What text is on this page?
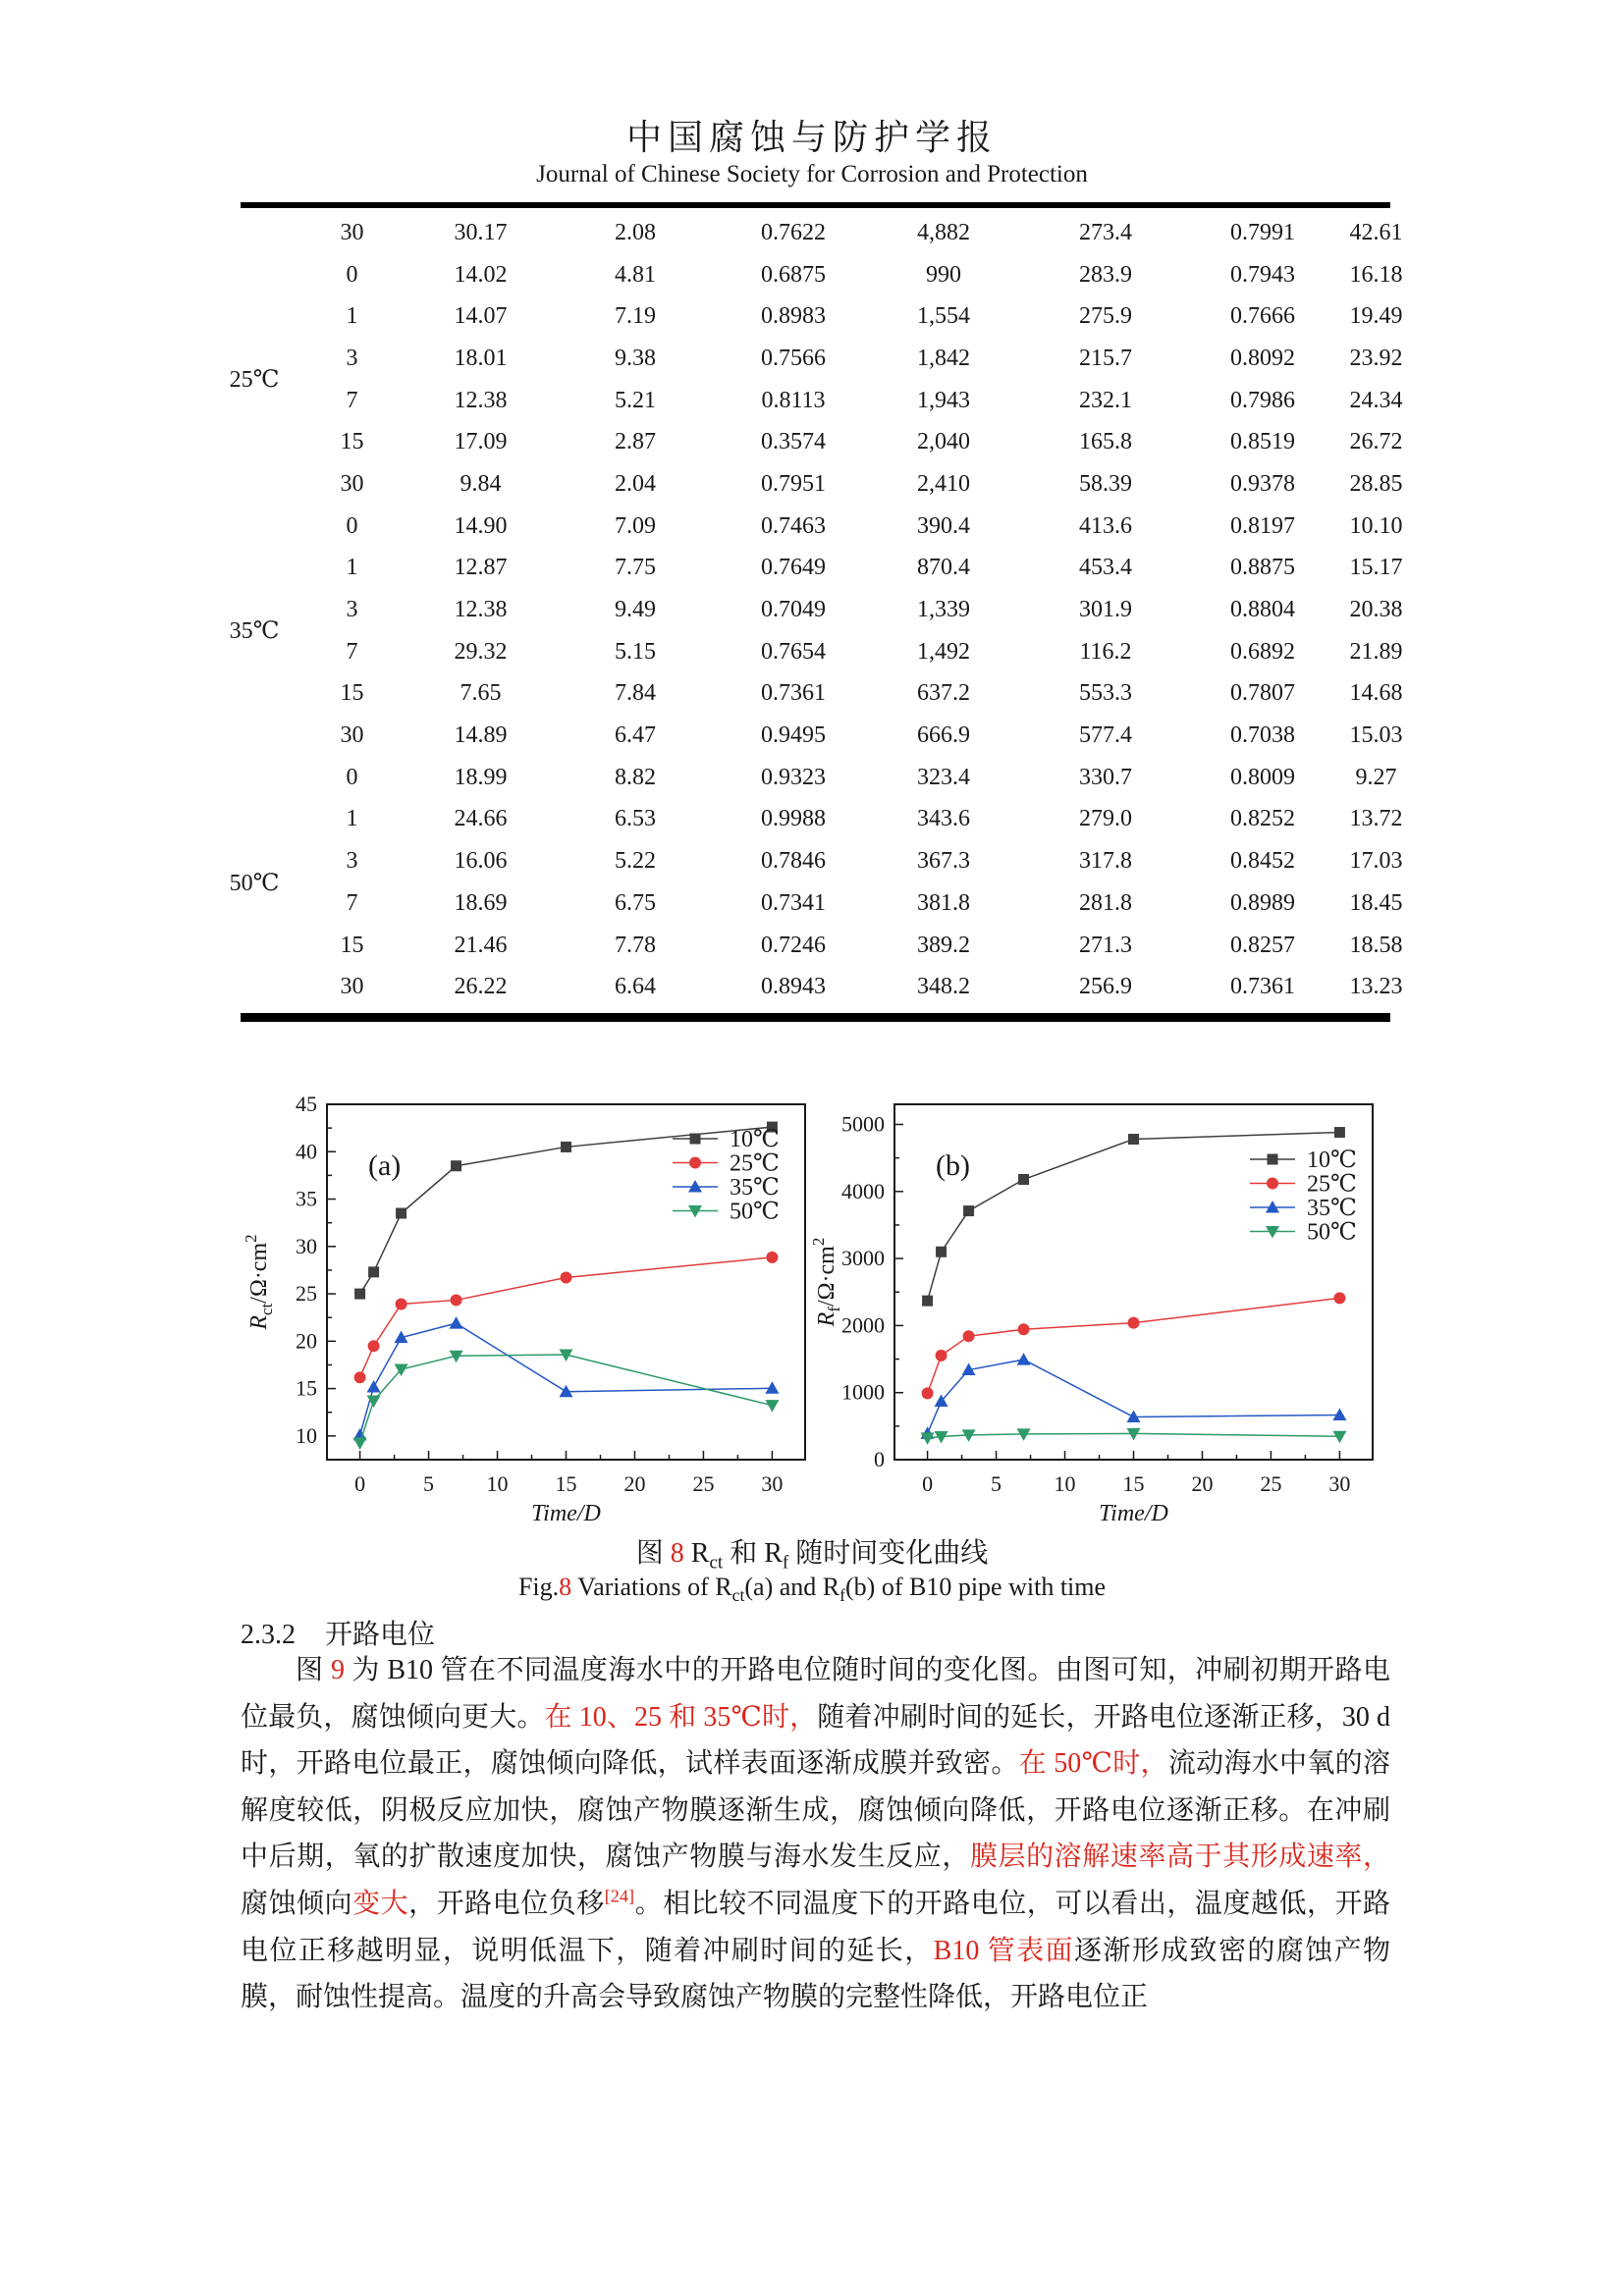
中国腐蚀与防护学报
Journal of Chinese Society for Corrosion and Protection
	30	30.17	2.08	0.7622	4,882	273.4	0.7991	42.61
25℃	0	14.02	4.81	0.6875	990	283.9	0.7943	16.18
	1	14.07	7.19	0.8983	1,554	275.9	0.7666	19.49
	3	18.01	9.38	0.7566	1,842	215.7	0.8092	23.92
	7	12.38	5.21	0.8113	1,943	232.1	0.7986	24.34
	15	17.09	2.87	0.3574	2,040	165.8	0.8519	26.72
	30	9.84	2.04	0.7951	2,410	58.39	0.9378	28.85
35℃	0	14.90	7.09	0.7463	390.4	413.6	0.8197	10.10
	1	12.87	7.75	0.7649	870.4	453.4	0.8875	15.17
	3	12.38	9.49	0.7049	1,339	301.9	0.8804	20.38
	7	29.32	5.15	0.7654	1,492	116.2	0.6892	21.89
	15	7.65	7.84	0.7361	637.2	553.3	0.7807	14.68
	30	14.89	6.47	0.9495	666.9	577.4	0.7038	15.03
50℃	0	18.99	8.82	0.9323	323.4	330.7	0.8009	9.27
	1	24.66	6.53	0.9988	343.6	279.0	0.8252	13.72
	3	16.06	5.22	0.7846	367.3	317.8	0.8452	17.03
	7	18.69	6.75	0.7341	381.8	281.8	0.8989	18.45
	15	21.46	7.78	0.7246	389.2	271.3	0.8257	18.58
	30	26.22	6.64	0.8943	348.2	256.9	0.7361	13.23
0	5 10 15 20 25 30
10
15
20
25
30
35
40
45
10℃
25℃
35℃
50℃
(a)
Time/D
$R_{ct}/\Omega\cdot cm^2$
0	5 10 15 20 25 30
0
1000
2000
3000
4000
5000
10℃
25℃
35℃
50℃
(b)
Time/D
$R_f/\Omega\cdot cm^2$
图 8 $R_{ct}$ 和 $R_f$ 随时间变化曲线
Fig.8 Variations of $R_{ct}(a)$ and $R_f(b)$ of B10 pipe with time
2.3.2 开路电位
图 9 为 B10 管在不同温度海水中的开路电位随时间的变化图。由图可知，冲刷初期开路电位最负，腐蚀倾向更大。在 10、25 和 35℃时，随着冲刷时间的延长，开路电位逐渐正移，30 d 时，开路电位最正，腐蚀倾向降低，试样表面逐渐成膜并致密。在 50℃时，流动海水中氧的溶解度较低，阴极反应加快，腐蚀产物膜逐渐生成，腐蚀倾向降低，开路电位逐渐正移。在冲刷中后期，氧的扩散速度加快，腐蚀产物膜与海水发生反应，膜层的溶解速率高于其形成速率，腐蚀倾向变大，开路电位负移[24]。相比较不同温度下的开路电位，可以看出，温度越低，开路电位正移越明显，说明低温下，随着冲刷时间的延长，B10 管表面逐渐形成致密的腐蚀产物膜，耐蚀性提高。温度的升高会导致腐蚀产物膜的完整性降低，开路电位正
